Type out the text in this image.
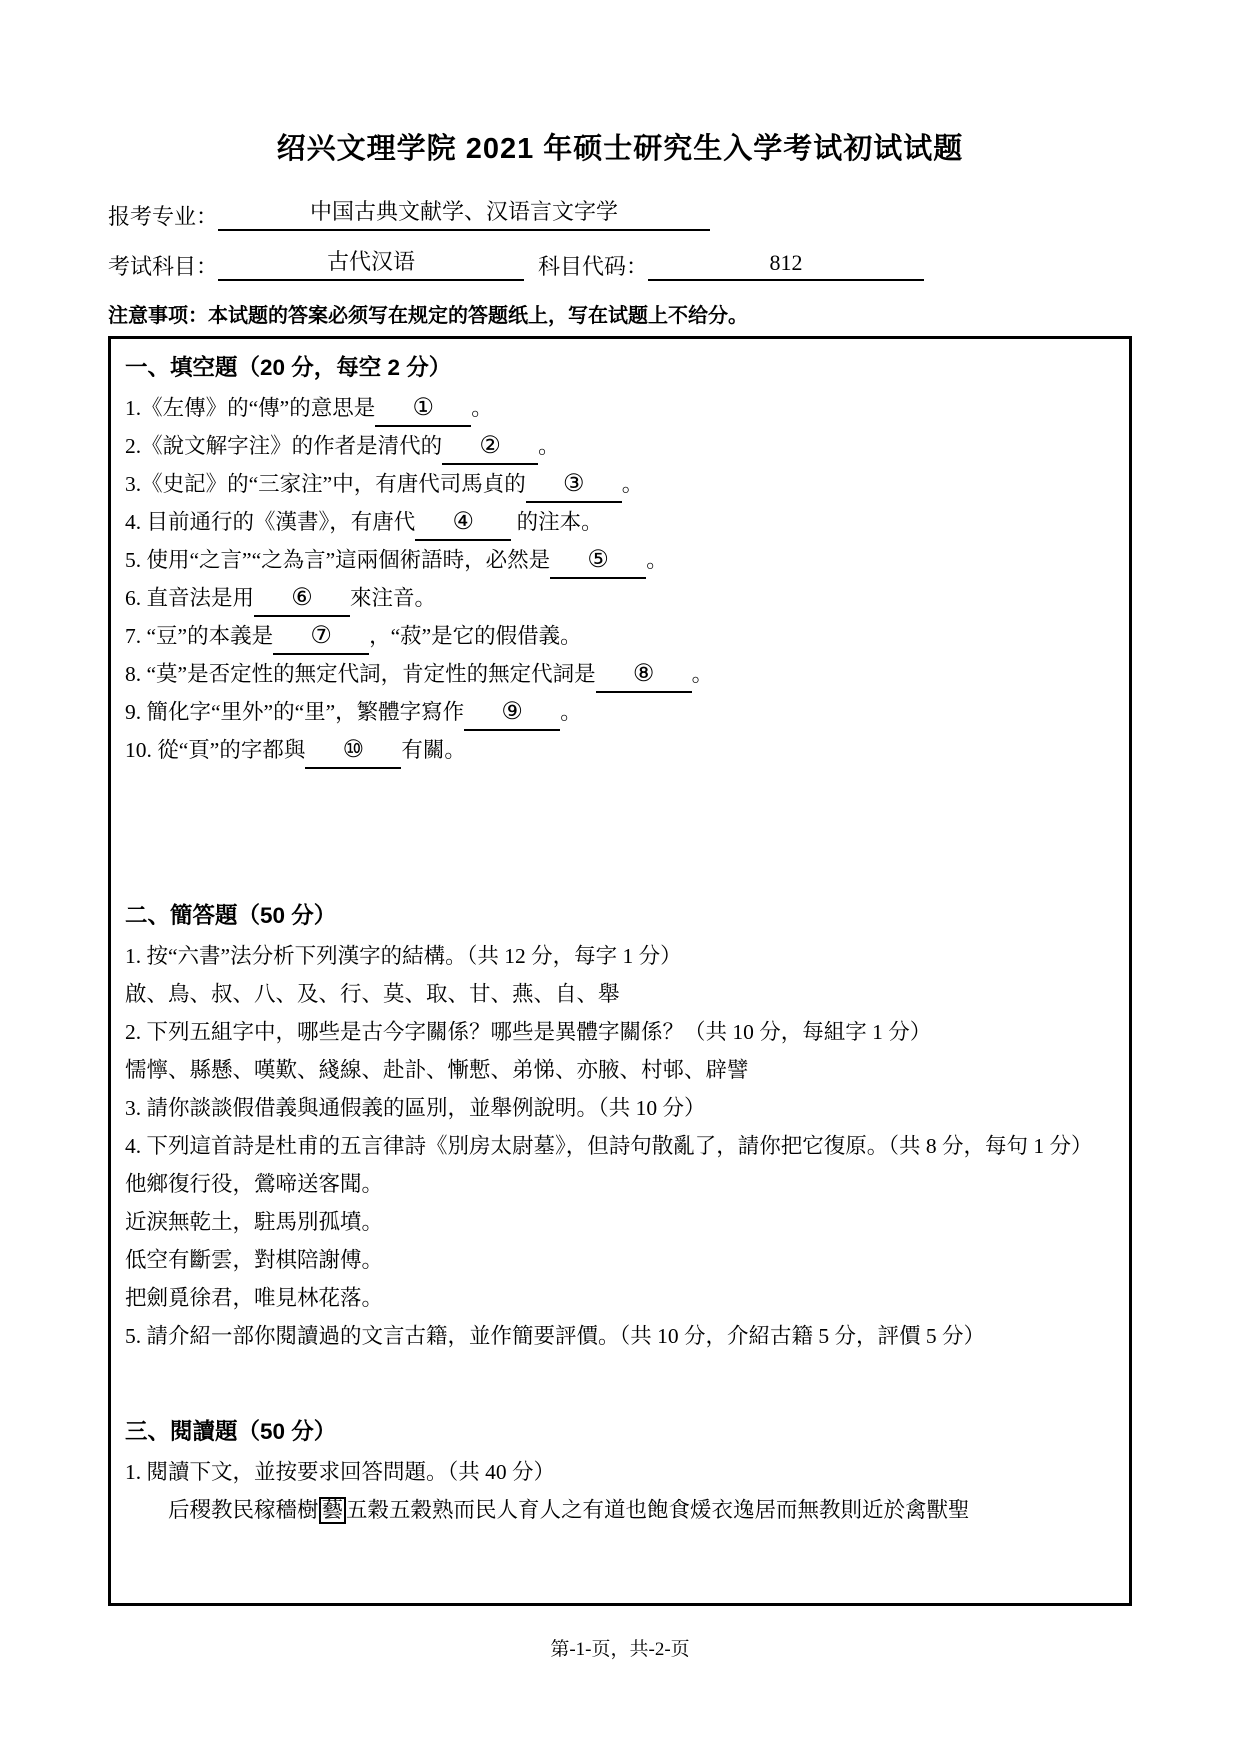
绍兴文理学院 2021 年硕士研究生入学考试初试试题
报考专业：	中国古典文献学、汉语言文字学
考试科目：	古代汉语	科目代码：	812
注意事项：本试题的答案必须写在规定的答题纸上，写在试题上不给分。
一、填空題（20 分，每空 2 分）
1.《左傳》的“傳”的意思是 ① 。
2.《說文解字注》的作者是清代的 ② 。
3.《史記》的“三家注”中，有唐代司馬貞的 ③ 。
4. 目前通行的《漢書》，有唐代 ④ 的注本。
5. 使用“之言”“之為言”這兩個術語時，必然是 ⑤ 。
6. 直音法是用 ⑥ 來注音。
7. “豆”的本義是 ⑦ ，“菽”是它的假借義。
8. “莫”是否定性的無定代詞，肯定性的無定代詞是 ⑧ 。
9. 簡化字“里外”的“里”，繁體字寫作 ⑨ 。
10. 從“頁”的字都與 ⑩ 有關。
二、簡答題（50 分）
1. 按“六書”法分析下列漢字的結構。（共 12 分，每字 1 分）
啟、鳥、叔、八、及、行、莫、取、甘、燕、自、舉
2. 下列五組字中，哪些是古今字關係？哪些是異體字關係？（共 10 分，每組字 1 分）
懦懧、縣懸、嘆歎、綫線、赴訃、慚慙、弟悌、亦腋、村邨、辟譬
3. 請你談談假借義與通假義的區別，並舉例說明。（共 10 分）
4. 下列這首詩是杜甫的五言律詩《別房太尉墓》，但詩句散亂了，請你把它復原。（共 8 分，每句 1 分）
他鄉復行役，鶯啼送客聞。
近淚無乾土，駐馬別孤墳。
低空有斷雲，對棋陪謝傅。
把劍覓徐君，唯見林花落。
5. 請介紹一部你閱讀過的文言古籍，並作簡要評價。（共 10 分，介紹古籍 5 分，評價 5 分）
三、閱讀題（50 分）
1. 閱讀下文，並按要求回答問題。（共 40 分）
后稷教民稼穡樹 藝 五穀五穀熟而民人育人之有道也飽食煖衣逸居而無教則近於禽獸聖
第-1-页，共-2-页
